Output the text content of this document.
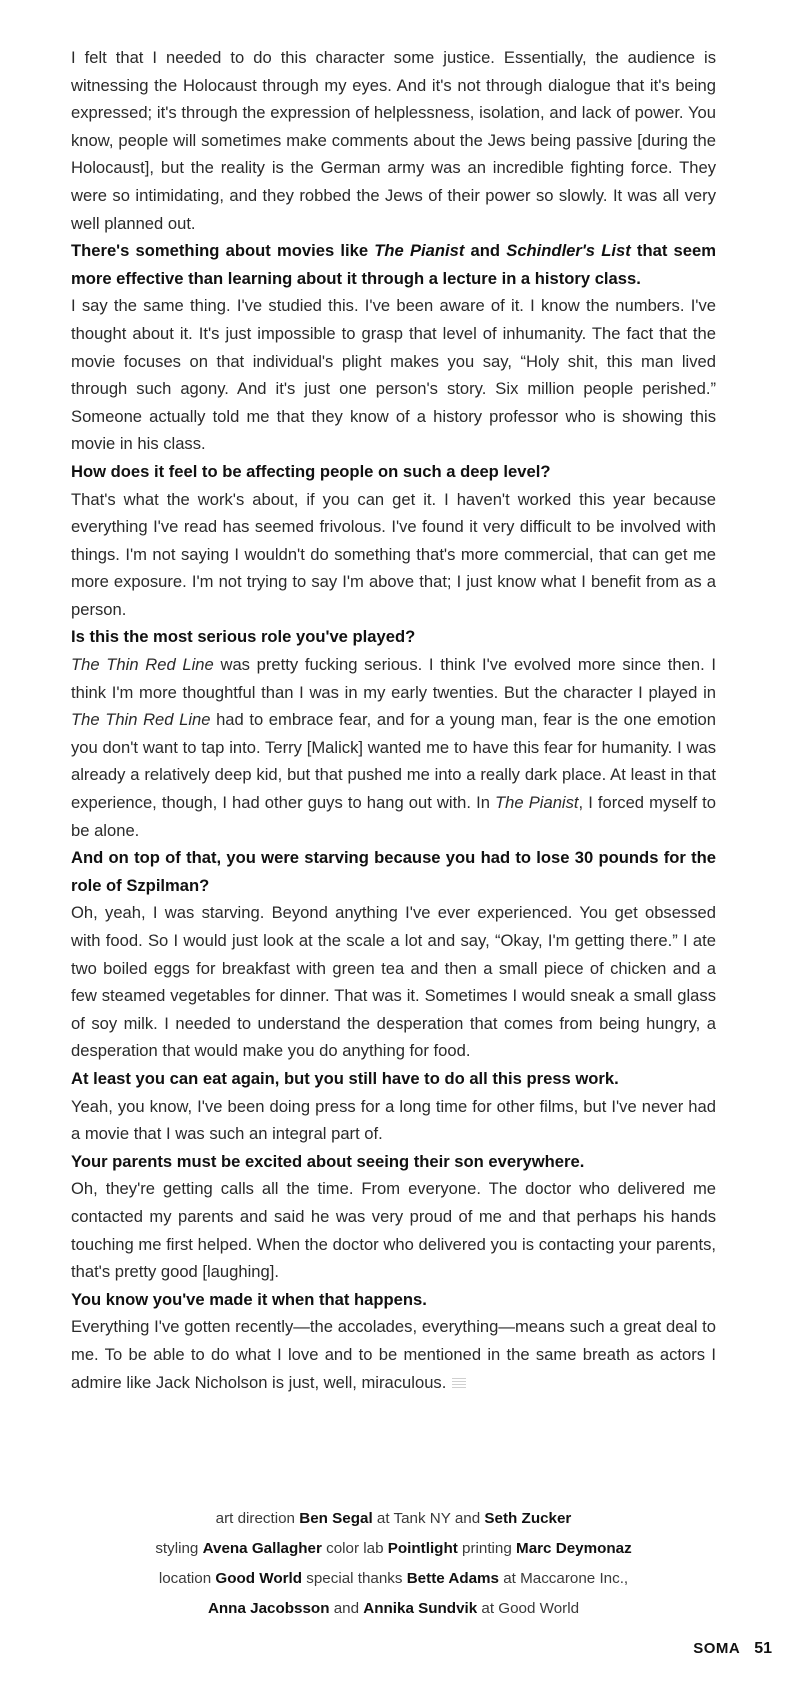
I felt that I needed to do this character some justice. Essentially, the audience is witnessing the Holocaust through my eyes. And it's not through dialogue that it's being expressed; it's through the expression of helplessness, isolation, and lack of power. You know, people will sometimes make comments about the Jews being passive [during the Holocaust], but the reality is the German army was an incredible fighting force. They were so intimidating, and they robbed the Jews of their power so slowly. It was all very well planned out.

There's something about movies like The Pianist and Schindler's List that seem more effective than learning about it through a lecture in a history class.

I say the same thing. I've studied this. I've been aware of it. I know the numbers. I've thought about it. It's just impossible to grasp that level of inhumanity. The fact that the movie focuses on that individual's plight makes you say, “Holy shit, this man lived through such agony. And it's just one person's story. Six million people perished.” Someone actually told me that they know of a history professor who is showing this movie in his class.

How does it feel to be affecting people on such a deep level?

That's what the work's about, if you can get it. I haven't worked this year because everything I've read has seemed frivolous. I've found it very difficult to be involved with things. I'm not saying I wouldn't do something that's more commercial, that can get me more exposure. I'm not trying to say I'm above that; I just know what I benefit from as a person.

Is this the most serious role you've played?

The Thin Red Line was pretty fucking serious. I think I've evolved more since then. I think I'm more thoughtful than I was in my early twenties. But the character I played in The Thin Red Line had to embrace fear, and for a young man, fear is the one emotion you don't want to tap into. Terry [Malick] wanted me to have this fear for humanity. I was already a relatively deep kid, but that pushed me into a really dark place. At least in that experience, though, I had other guys to hang out with. In The Pianist, I forced myself to be alone.

And on top of that, you were starving because you had to lose 30 pounds for the role of Szpilman?

Oh, yeah, I was starving. Beyond anything I've ever experienced. You get obsessed with food. So I would just look at the scale a lot and say, “Okay, I'm getting there.” I ate two boiled eggs for breakfast with green tea and then a small piece of chicken and a few steamed vegetables for dinner. That was it. Sometimes I would sneak a small glass of soy milk. I needed to understand the desperation that comes from being hungry, a desperation that would make you do anything for food.

At least you can eat again, but you still have to do all this press work.

Yeah, you know, I've been doing press for a long time for other films, but I've never had a movie that I was such an integral part of.

Your parents must be excited about seeing their son everywhere.

Oh, they're getting calls all the time. From everyone. The doctor who delivered me contacted my parents and said he was very proud of me and that perhaps his hands touching me first helped. When the doctor who delivered you is contacting your parents, that's pretty good [laughing].

You know you've made it when that happens.

Everything I've gotten recently—the accolades, everything—means such a great deal to me. To be able to do what I love and to be mentioned in the same breath as actors I admire like Jack Nicholson is just, well, miraculous.

art direction Ben Segal at Tank NY and Seth Zucker
styling Avena Gallagher color lab Pointlight printing Marc Deymonaz
location Good World special thanks Bette Adams at Maccarone Inc.,
Anna Jacobsson and Annika Sundvik at Good World
SOMA 51
